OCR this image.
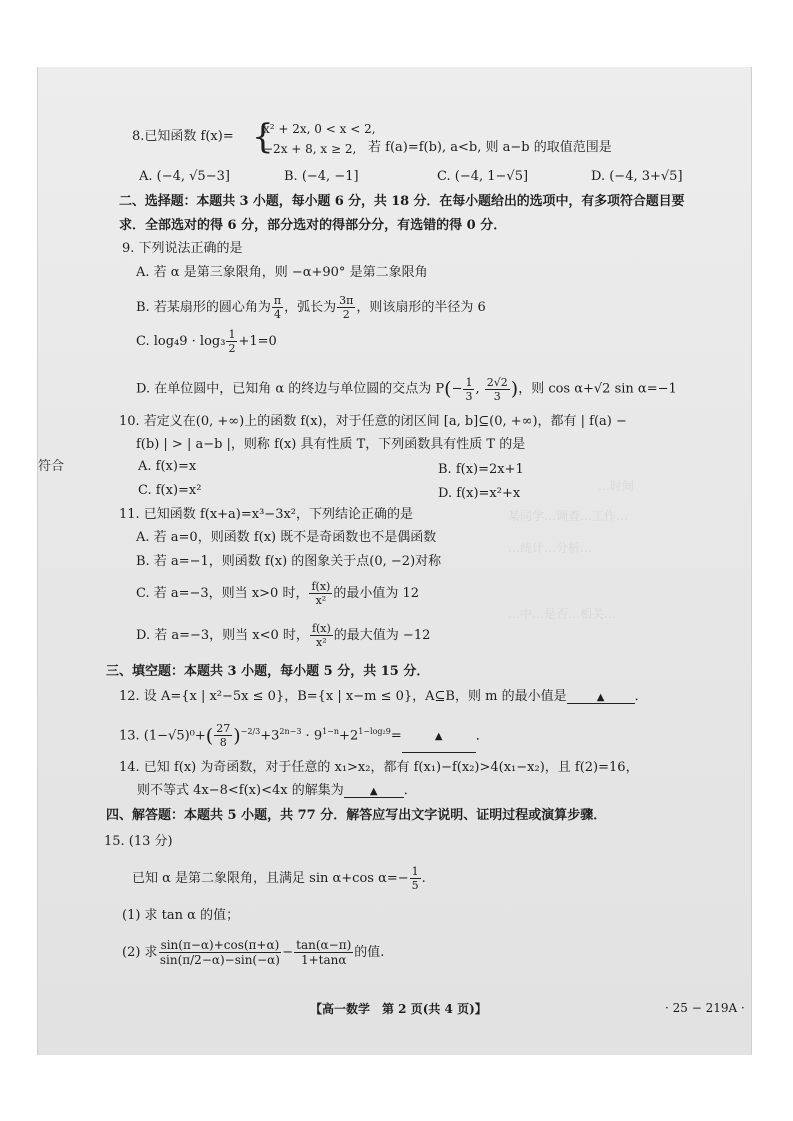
8.已知函数 f(x)= {
x² + 2x, 0 < x < 2,
−2x + 8, x ≥ 2, 若 f(a)=f(b), a<b, 则 a−b 的取值范围是
A. (−4, √5−3]	B. (−4, −1]	C. (−4, 1−√5]	D. (−4, 3+√5]
二、选择题：本题共 3 小题，每小题 6 分，共 18 分．在每小题给出的选项中，有多项符合题目要
求．全部选对的得 6 分，部分选对的得部分分，有选错的得 0 分．
9. 下列说法正确的是
A. 若 α 是第三象限角，则 −α+90° 是第二象限角
B. 若某扇形的圆心角为 $\frac{\pi}{4}$ ，弧长为 $\frac{3\pi}{2}$ ，则该扇形的半径为 6
C. $\log_49 \cdot \log_3 \frac{1}{2} +1=0$
D. 在单位圆中，已知角 α 的终边与单位圆的交点为 $P(- \frac{1}{3}$ , $\frac{2√2}{3}$ )，则 cos α+√2 sin α=−1
符合
10. 若定义在(0, +∞)上的函数 f(x)，对于任意的闭区间 [a, b]⊆(0, +∞)，都有 | f(a) −
f(b) | > | a−b |，则称 f(x) 具有性质 T，下列函数具有性质 T 的是
A. f(x)=x	B. f(x)=2x+1
C. f(x)=x²	D. f(x)=x²+x	…时间
某同学…调查…工作…
…统计…分析…
…中…是否…相关…
11. 已知函数 f(x+a)=x³−3x²，下列结论正确的是
A. 若 a=0，则函数 f(x) 既不是奇函数也不是偶函数
B. 若 a=−1，则函数 f(x) 的图象关于点(0, −2)对称
C. 若 a=−3，则当 x>0 时， $\frac{f(x)}{\text{x²}}$ 的最小值为 12
D. 若 a=−3，则当 x<0 时， $\frac{f(x)}{\text{x²}}$ 的最大值为 −12
三、填空题：本题共 3 小题，每小题 5 分，共 15 分．
12. 设 A={x | x²−5x ≤ 0}，B={x | x−m ≤ 0}，A⊆B，则 m 的最小值是	▲ ．
13. $(1-√5)^0+( \frac{27}{8} )^{-2/3}+3^{2n-3} \cdot 9^{1-n}+2^{1-log_29}=$	▲	．
14. 已知 f(x) 为奇函数，对于任意的 x₁>x₂，都有 f(x₁)−f(x₂)>4(x₁−x₂)，且 f(2)=16，
则不等式 4x−8<f(x)<4x 的解集为	▲ ．
四、解答题：本题共 5 小题，共 77 分．解答应写出文字说明、证明过程或演算步骤．
15. (13 分)
已知 α 是第二象限角，且满足 sin α+cos $\alpha=- \frac{1}{5}$ .
(1) 求 tan α 的值；
(2) 求 $\frac{\sin(\pi-\alpha)+\cos(\pi+\alpha)}{\sin(\pi/2-\alpha)-\sin(-\alpha)} - \frac{\tan(\alpha-\pi)}{1+\tan\alpha}$ 的值.
【高一数学　第 2 页(共 4 页)】	· 25 − 219A ·
